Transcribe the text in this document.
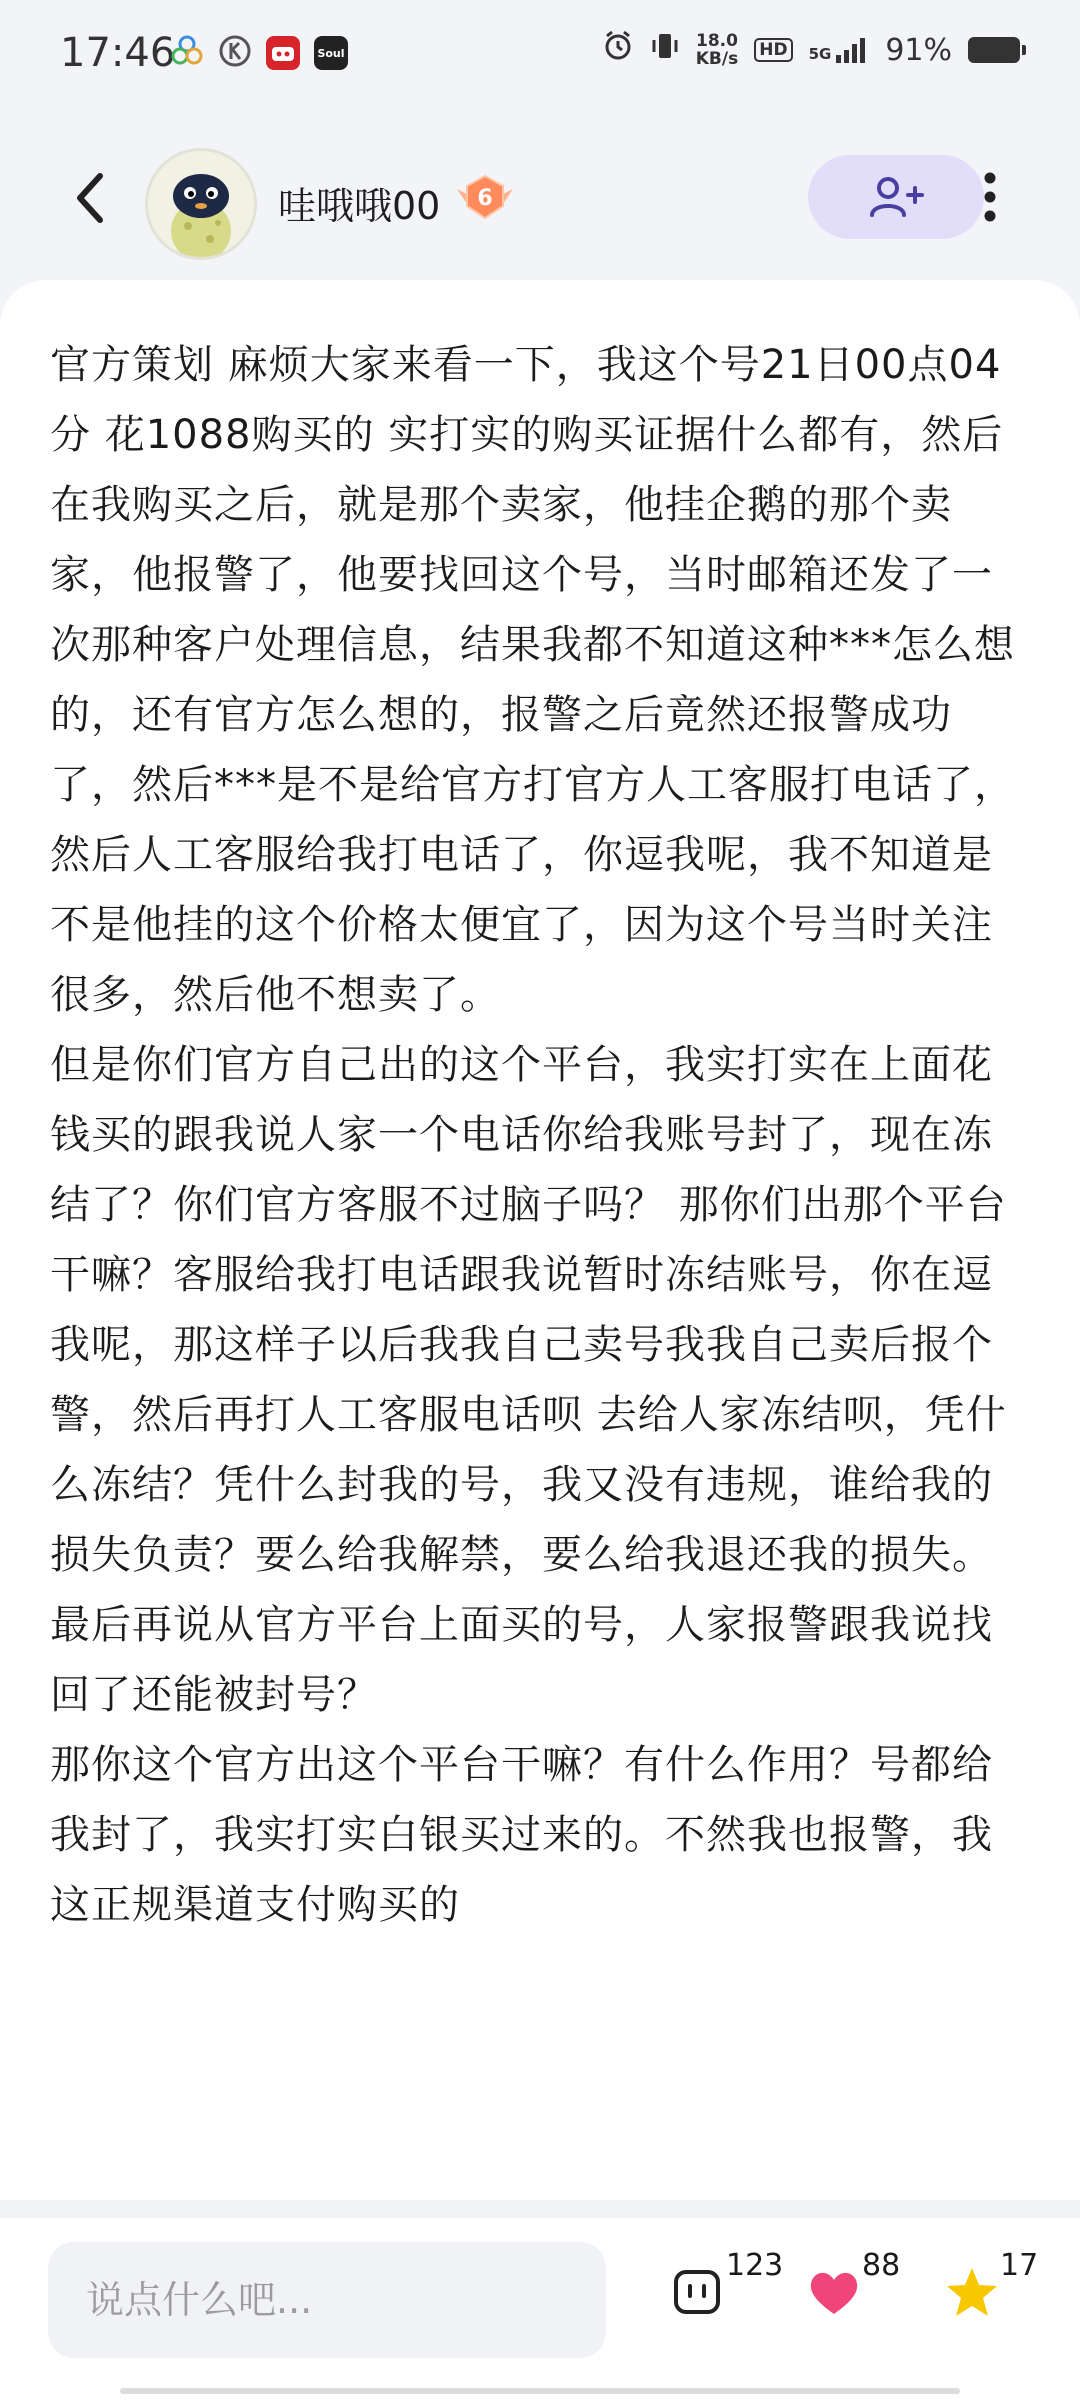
17:46	Soul
18.0
KB/s HD	5G 91%
哇哦哦00 6
官方策划 麻烦大家来看一下，我这个号21日00点04分 花1088购买的 实打实的购买证据什么都有，然后在我购买之后，就是那个卖家，他挂企鹅的那个卖家，他报警了，他要找回这个号，当时邮箱还发了一次那种客户处理信息，结果我都不知道这种***怎么想的，还有官方怎么想的，报警之后竟然还报警成功了，然后***是不是给官方打官方人工客服打电话了，然后人工客服给我打电话了，你逗我呢，我不知道是不是他挂的这个价格太便宜了，因为这个号当时关注很多，然后他不想卖了。
但是你们官方自己出的这个平台，我实打实在上面花钱买的跟我说人家一个电话你给我账号封了，现在冻结了？你们官方客服不过脑子吗？ 那你们出那个平台干嘛？客服给我打电话跟我说暂时冻结账号，你在逗我呢，那这样子以后我我自己卖号我我自己卖后报个警，然后再打人工客服电话呗 去给人家冻结呗，凭什么冻结？凭什么封我的号，我又没有违规，谁给我的损失负责？要么给我解禁，要么给我退还我的损失。
最后再说从官方平台上面买的号，人家报警跟我说找回了还能被封号？
那你这个官方出这个平台干嘛？有什么作用？号都给我封了，我实打实白银买过来的。不然我也报警，我这正规渠道支付购买的
说点什么吧...
123	88	17
